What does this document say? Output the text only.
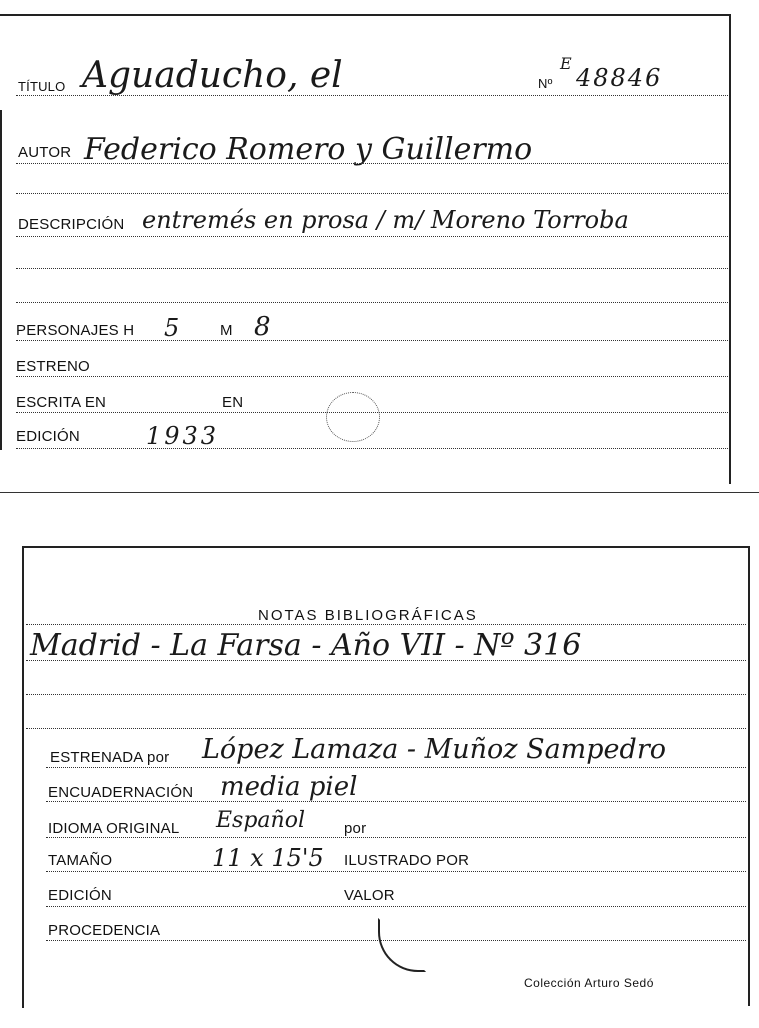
TÍTULO Aguaducho, el	Nº
E
48846
AUTOR Federico Romero y Guillermo
DESCRIPCIÓN entremés en prosa / m/ Moreno Torroba
PERSONAJES H 5	M 8
ESTRENO
ESCRITA EN	EN
EDICIÓN	1933
NOTAS BIBLIOGRÁFICAS
Madrid - La Farsa - Año VII - Nº 316
ESTRENADA por López Lamaza - Muñoz Sampedro
ENCUADERNACIÓN media piel
IDIOMA ORIGINAL Español	por
TAMAÑO	11 x 15'5 ILUSTRADO POR
EDICIÓN	VALOR
PROCEDENCIA
Colección Arturo Sedó
